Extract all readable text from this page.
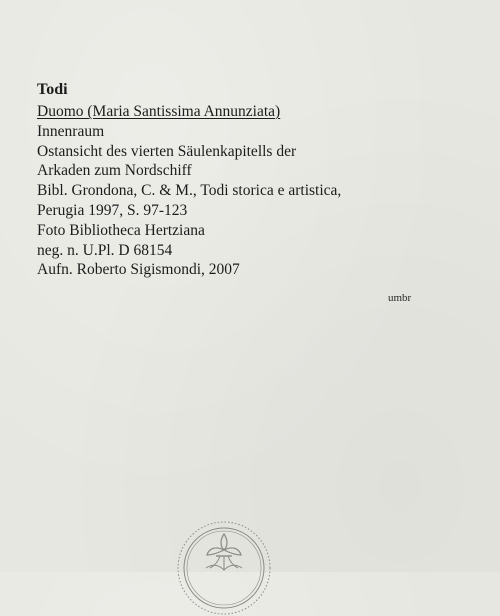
Todi
Duomo (Maria Santissima Annunziata)
Innenraum
Ostansicht des vierten Säulenkapitells der
Arkaden zum Nordschiff
Bibl. Grondona, C. & M., Todi storica e artistica,
Perugia 1997, S. 97-123
Foto Bibliotheca Hertziana
neg. n. U.Pl. D 68154
Aufn. Roberto Sigismondi, 2007
umbr
